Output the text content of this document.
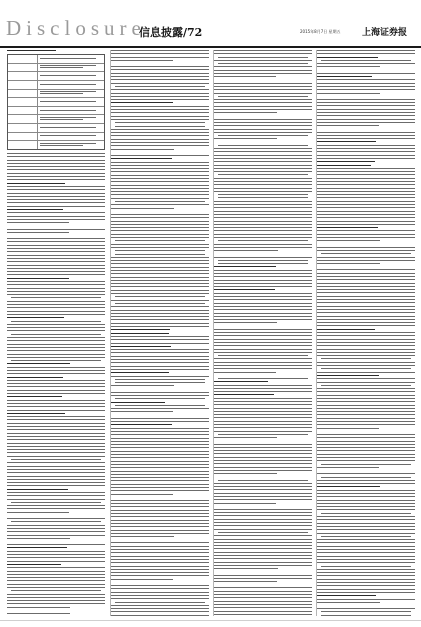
Disclosure
信息披露/72	2015年8月7日 星期五 上海证券报
